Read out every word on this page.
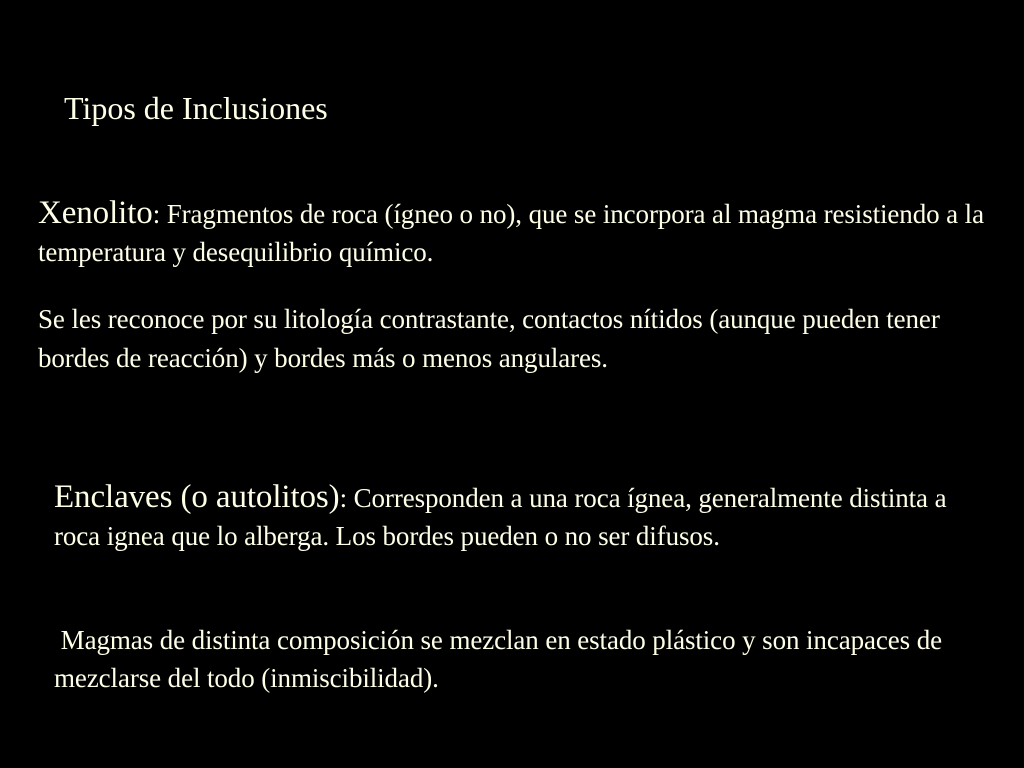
Tipos de Inclusiones
Xenolito: Fragmentos de roca (ígneo o no), que se incorpora al magma resistiendo a la temperatura y desequilibrio químico.
Se les reconoce por su litología contrastante, contactos nítidos (aunque pueden tener bordes de reacción) y bordes más o menos angulares.
Enclaves (o autolitos): Corresponden a una roca ígnea, generalmente distinta a roca ignea que lo alberga. Los bordes pueden o no ser difusos.
Magmas de distinta composición se mezclan en estado plástico y son incapaces de mezclarse del todo (inmiscibilidad).
